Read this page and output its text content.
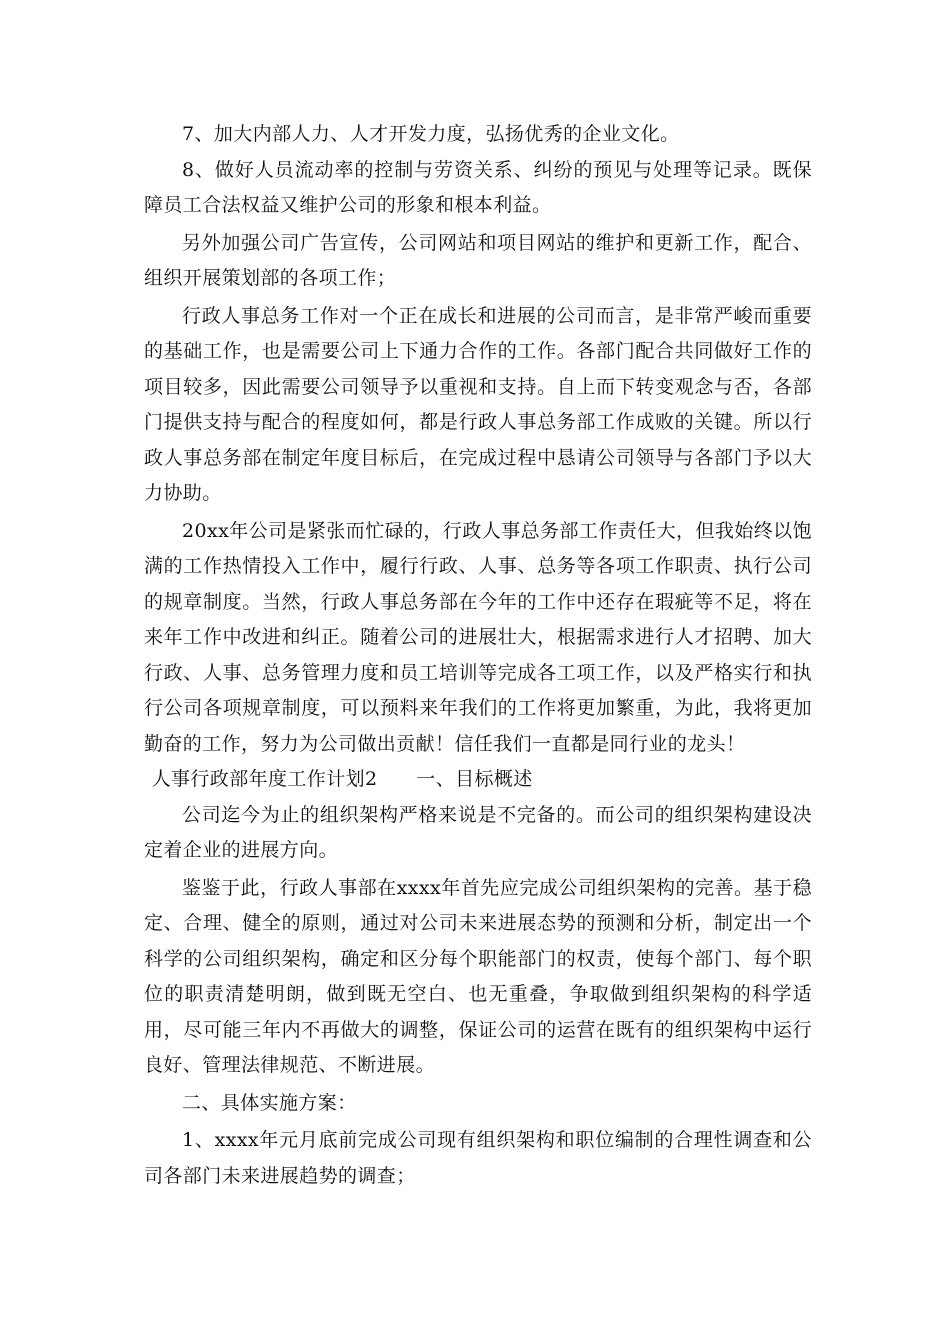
7、加大内部人力、人才开发力度，弘扬优秀的企业文化。

8、做好人员流动率的控制与劳资关系、纠纷的预见与处理等记录。既保障员工合法权益又维护公司的形象和根本利益。

另外加强公司广告宣传，公司网站和项目网站的维护和更新工作，配合、组织开展策划部的各项工作；

行政人事总务工作对一个正在成长和进展的公司而言，是非常严峻而重要的基础工作，也是需要公司上下通力合作的工作。各部门配合共同做好工作的项目较多，因此需要公司领导予以重视和支持。自上而下转变观念与否，各部门提供支持与配合的程度如何，都是行政人事总务部工作成败的关键。所以行政人事总务部在制定年度目标后，在完成过程中恳请公司领导与各部门予以大力协助。

20xx年公司是紧张而忙碌的，行政人事总务部工作责任大，但我始终以饱满的工作热情投入工作中，履行行政、人事、总务等各项工作职责、执行公司的规章制度。当然，行政人事总务部在今年的工作中还存在瑕疵等不足，将在来年工作中改进和纠正。随着公司的进展壮大，根据需求进行人才招聘、加大行政、人事、总务管理力度和员工培训等完成各工项工作，以及严格实行和执行公司各项规章制度，可以预料来年我们的工作将更加繁重，为此，我将更加勤奋的工作，努力为公司做出贡献！信任我们一直都是同行业的龙头！

人事行政部年度工作计划2　　一、目标概述

公司迄今为止的组织架构严格来说是不完备的。而公司的组织架构建设决定着企业的进展方向。

鉴鉴于此，行政人事部在xxxx年首先应完成公司组织架构的完善。基于稳定、合理、健全的原则，通过对公司未来进展态势的预测和分析，制定出一个科学的公司组织架构，确定和区分每个职能部门的权责，使每个部门、每个职位的职责清楚明朗，做到既无空白、也无重叠，争取做到组织架构的科学适用，尽可能三年内不再做大的调整，保证公司的运营在既有的组织架构中运行良好、管理法律规范、不断进展。

二、具体实施方案：

1、xxxx年元月底前完成公司现有组织架构和职位编制的合理性调查和公司各部门未来进展趋势的调查；
